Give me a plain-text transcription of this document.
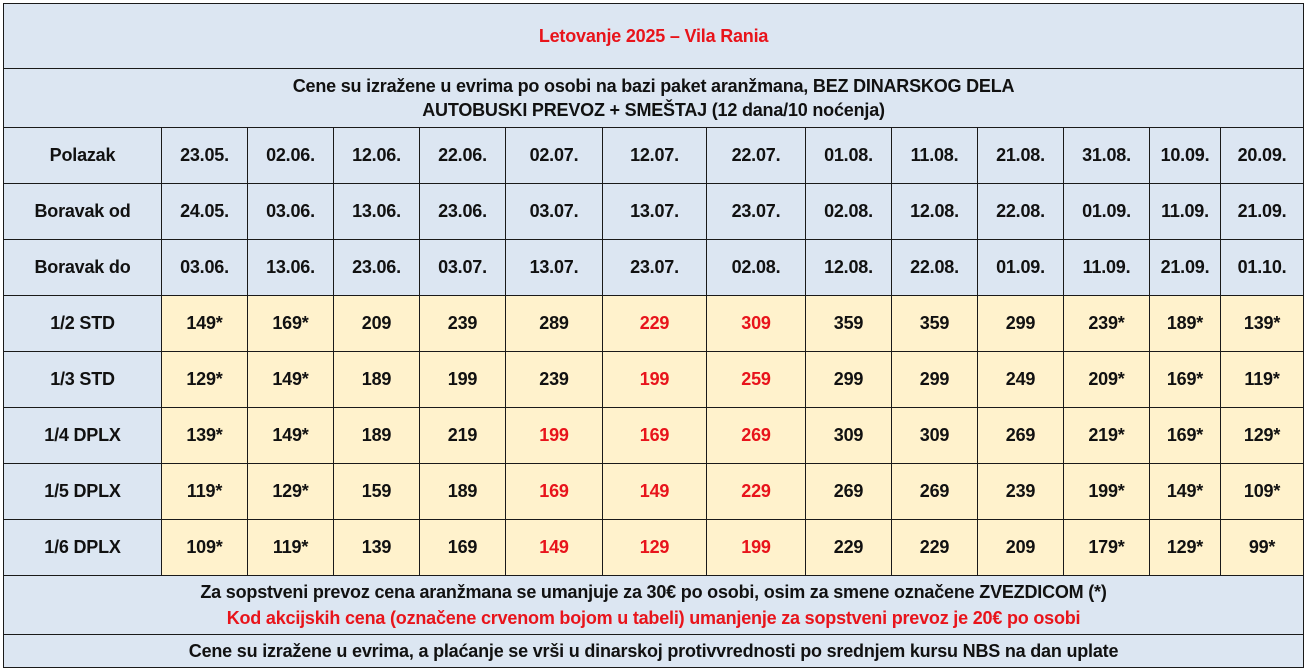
Letovanje 2025 – Vila Rania													

Cene su izražene u evrima po osobi na bazi paket aranžmana, BEZ DINARSKOG DELA
AUTOBUSKI PREVOZ + SMEŠTAJ (12 dana/10 noćenja)													

Polazak	23.05.	02.06.	12.06.	22.06.	02.07.	12.07.	22.07.	01.08.	11.08.	21.08.	31.08.	10.09.	20.09.
Boravak od	24.05.	03.06.	13.06.	23.06.	03.07.	13.07.	23.07.	02.08.	12.08.	22.08.	01.09.	11.09.	21.09.
Boravak do	03.06.	13.06.	23.06.	03.07.	13.07.	23.07.	02.08.	12.08.	22.08.	01.09.	11.09.	21.09.	01.10.
1/2 STD	149*	169*	209	239	289	229	309	359	359	299	239*	189*	139*
1/3 STD	129*	149*	189	199	239	199	259	299	299	249	209*	169*	119*
1/4 DPLX	139*	149*	189	219	199	169	269	309	309	269	219*	169*	129*
1/5 DPLX	119*	129*	159	189	169	149	229	269	269	239	199*	149*	109*
1/6 DPLX	109*	119*	139	169	149	129	199	229	229	209	179*	129*	99*

Za sopstveni prevoz cena aranžmana se umanjuje za 30€ po osobi, osim za smene označene ZVEZDICOM (*)
Kod akcijskih cena (označene crvenom bojom u tabeli) umanjenje za sopstveni prevoz je 20€ po osobi													

Cene su izražene u evrima, a plaćanje se vrši u dinarskoj protivvrednosti po srednjem kursu NBS na dan uplate													
